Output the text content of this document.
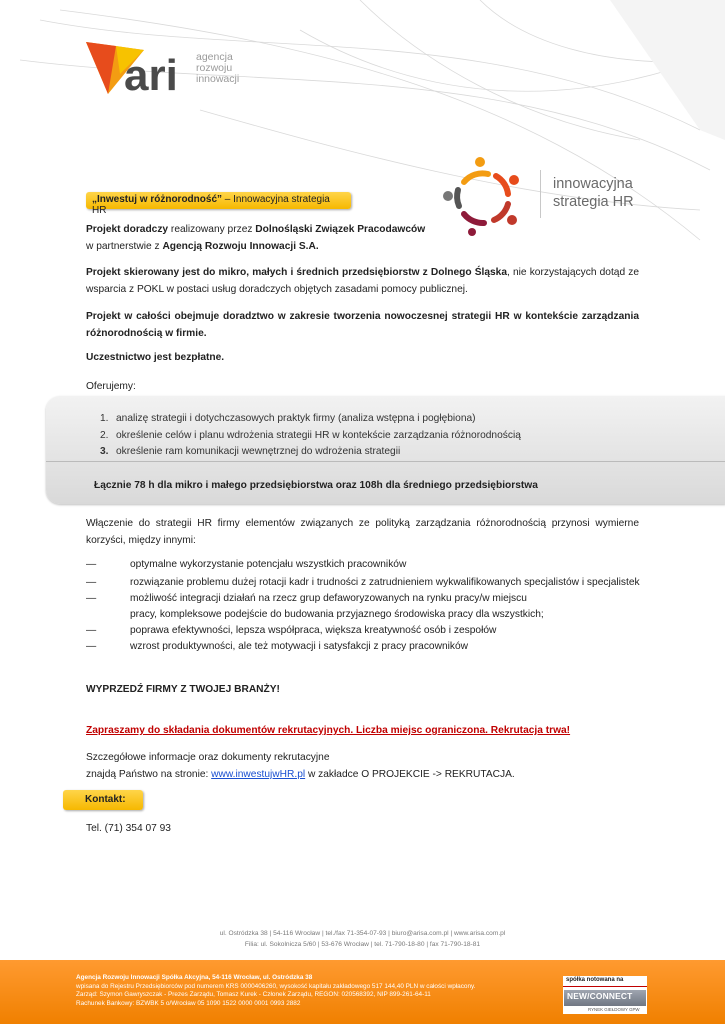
ari agencja
rozwoju
innowacji
innowacyjna
strategia HR
„Inwestuj w różnorodność” – Innowacyjna strategia HR
Projekt doradczy realizowany przez Dolnośląski Związek Pracodawców
w partnerstwie z Agencją Rozwoju Innowacji S.A.
Projekt skierowany jest do mikro, małych i średnich przedsiębiorstw z Dolnego Śląska, nie korzystających dotąd ze wsparcia z POKL w postaci usług doradczych objętych zasadami pomocy publicznej.
Projekt w całości obejmuje doradztwo w zakresie tworzenia nowoczesnej strategii HR w kontekście zarządzania różnorodnością w firmie.
Uczestnictwo jest bezpłatne.
Oferujemy:
1. analizę strategii i dotychczasowych praktyk firmy (analiza wstępna i pogłębiona)
2. określenie celów i planu wdrożenia strategii HR w kontekście zarządzania różnorodnością
3. określenie ram komunikacji wewnętrznej do wdrożenia strategii
Łącznie 78 h dla mikro i małego przedsiębiorstwa oraz 108h dla średniego przedsiębiorstwa
Włączenie do strategii HR firmy elementów związanych ze polityką zarządzania różnorodnością przynosi wymierne korzyści, między innymi:
—	optymalne wykorzystanie potencjału wszystkich pracowników
—	rozwiązanie problemu dużej rotacji kadr i trudności z zatrudnieniem wykwalifikowanych specjalistów i specjalistek
—	możliwość integracji działań na rzecz grup defaworyzowanych na rynku pracy/w miejscu
pracy, kompleksowe podejście do budowania przyjaznego środowiska pracy dla wszystkich;
—	poprawa efektywności, lepsza współpraca, większa kreatywność osób i zespołów
—	wzrost produktywności, ale też motywacji i satysfakcji z pracy pracowników
WYPRZEDŹ FIRMY Z TWOJEJ BRANŻY!
Zapraszamy do składania dokumentów rekrutacyjnych. Liczba miejsc ograniczona. Rekrutacja trwa!
Szczegółowe informacje oraz dokumenty rekrutacyjne
znajdą Państwo na stronie: www.inwestujwHR.pl w zakładce O PROJEKCIE -> REKRUTACJA.
Kontakt:
Tel. (71) 354 07 93
ul. Ostródzka 38 | 54-116 Wrocław | tel./fax 71-354-07-93 | biuro@arisa.com.pl | www.arisa.com.pl
Filia: ul. Sokolnicza 5/60 | 53-676 Wrocław | tel. 71-790-18-80 | fax 71-790-18-81
Agencja Rozwoju Innowacji Spółka Akcyjna, 54-116 Wrocław, ul. Ostródzka 38
wpisana do Rejestru Przedsiębiorców pod numerem KRS 0000406260, wysokość kapitału zakładowego 517 144,40 PLN w całości wpłacony.
Zarząd: Szymon Gawryszczak - Prezes Zarządu, Tomasz Kurek - Członek Zarządu, REGON: 020568392, NIP 899-261-64-11
Rachunek Bankowy: BZWBK 5 o/Wrocław 05 1090 1522 0000 0001 0993 2882
spółka notowana na
NEW/CONNECT
RYNEK GIEŁDOWY GPW
